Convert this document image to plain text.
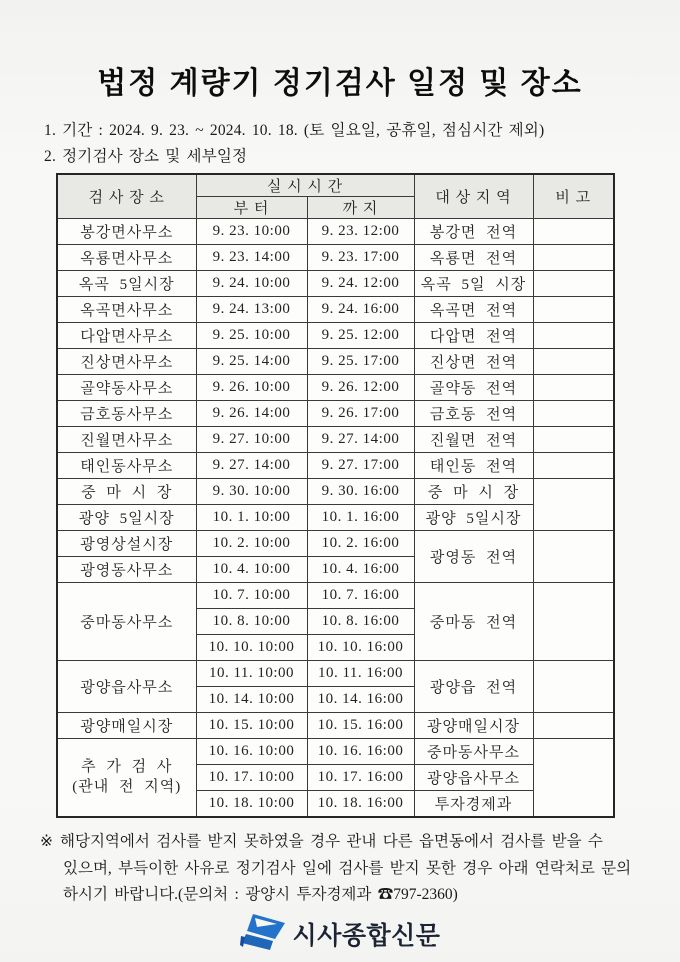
법정 계량기 정기검사 일정 및 장소
1. 기간 : 2024. 9. 23. ~ 2024. 10. 18. (토 일요일, 공휴일, 점심시간 제외)
2. 정기검사 장소 및 세부일정
검 사 장 소	실 시 시 간		대 상 지 역	비 고
	부 터	까 지		
봉강면사무소	9. 23. 10:00	9. 23. 12:00	봉강면 전역	
옥룡면사무소	9. 23. 14:00	9. 23. 17:00	옥룡면 전역	
옥곡 5일시장	9. 24. 10:00	9. 24. 12:00	옥곡 5일 시장	
옥곡면사무소	9. 24. 13:00	9. 24. 16:00	옥곡면 전역	
다압면사무소	9. 25. 10:00	9. 25. 12:00	다압면 전역	
진상면사무소	9. 25. 14:00	9. 25. 17:00	진상면 전역	
골약동사무소	9. 26. 10:00	9. 26. 12:00	골약동 전역	
금호동사무소	9. 26. 14:00	9. 26. 17:00	금호동 전역	
진월면사무소	9. 27. 10:00	9. 27. 14:00	진월면 전역	
태인동사무소	9. 27. 14:00	9. 27. 17:00	태인동 전역	
중 마 시 장	9. 30. 10:00	9. 30. 16:00	중 마 시 장	
광양 5일시장	10. 1. 10:00	10. 1. 16:00	광양 5일시장	
광영상설시장	10. 2. 10:00	10. 2. 16:00	광영동 전역	
광영동사무소	10. 4. 10:00	10. 4. 16:00		
중마동사무소	10. 7. 10:00	10. 7. 16:00	중마동 전역	
	10. 8. 10:00	10. 8. 16:00		
	10. 10. 10:00	10. 10. 16:00		
광양읍사무소	10. 11. 10:00	10. 11. 16:00	광양읍 전역	
	10. 14. 10:00	10. 14. 16:00		
광양매일시장	10. 15. 10:00	10. 15. 16:00	광양매일시장	

추 가 검 사
(관내 전 지역)	10. 16. 10:00	10. 16. 16:00	중마동사무소	
	10. 17. 10:00	10. 17. 16:00	광양읍사무소	
	10. 18. 10:00	10. 18. 16:00	투자경제과	
※ 해당지역에서 검사를 받지 못하였을 경우 관내 다른 읍면동에서 검사를 받을 수
있으며, 부득이한 사유로 정기검사 일에 검사를 받지 못한 경우 아래 연락처로 문의
하시기 바랍니다.(문의처 : 광양시 투자경제과 ☎797-2360)
시사종합신문
